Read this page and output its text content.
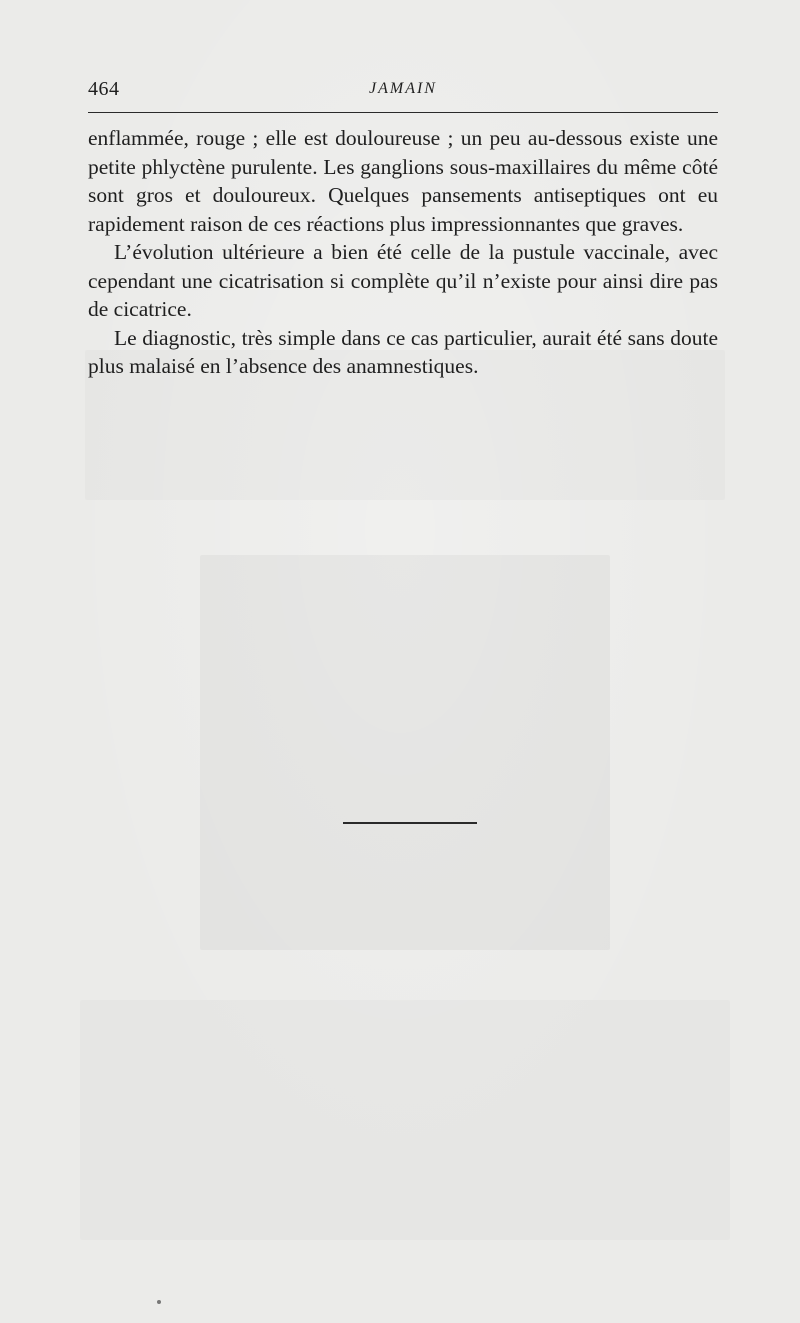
464	JAMAIN

enflammée, rouge ; elle est douloureuse ; un peu au-dessous existe une petite phlyctène purulente. Les ganglions sous-maxillaires du même côté sont gros et douloureux. Quelques pansements antiseptiques ont eu rapidement raison de ces réactions plus impressionnantes que graves.

L’évolution ultérieure a bien été celle de la pustule vaccinale, avec cependant une cicatrisation si complète qu’il n’existe pour ainsi dire pas de cicatrice.

Le diagnostic, très simple dans ce cas particulier, aurait été sans doute plus malaisé en l’absence des anamnestiques.
